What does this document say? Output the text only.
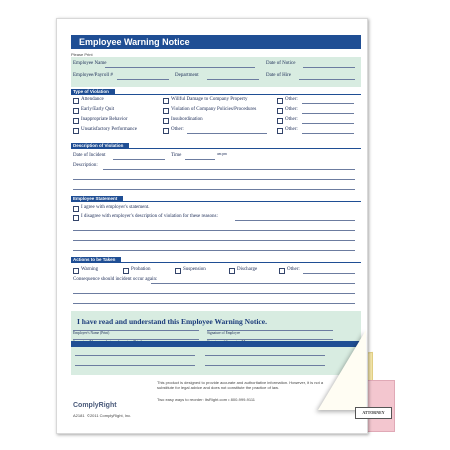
Employee Warning Notice
Please Print
Employee Name	Date of Notice
Employee/Payroll #	Department	Date of Hire
Type of Violation
Attendance
Early/Early Quit
Inappropriate Behavior
Unsatisfactory Performance
Willful Damage to Company Property
Violation of Company Policies/Procedures
Insubordination
Other:
Other:
Other:
Other:
Other:
Description of Violation
Date of Incident	Time	am pm
Description:
Employee Statement
I agree with employer's statement.
I disagree with employer's description of violation for these reasons:
Actions to be Taken
Warning	Probation	Suspension	Discharge	Other:
Consequence should incident occur again:
I have read and understand this Employee Warning Notice.
Employee's Name (Print)	Signature of Employee
This product is designed to provide accurate and authoritative information. However, it is not a substitute for legal advice and does not constitute the practice of law.
Two easy ways to reorder: ItsRight.com • 800-999-9111
ComplyRight
A2181 ©2011 ComplyRight, Inc.
ATTORNEY
